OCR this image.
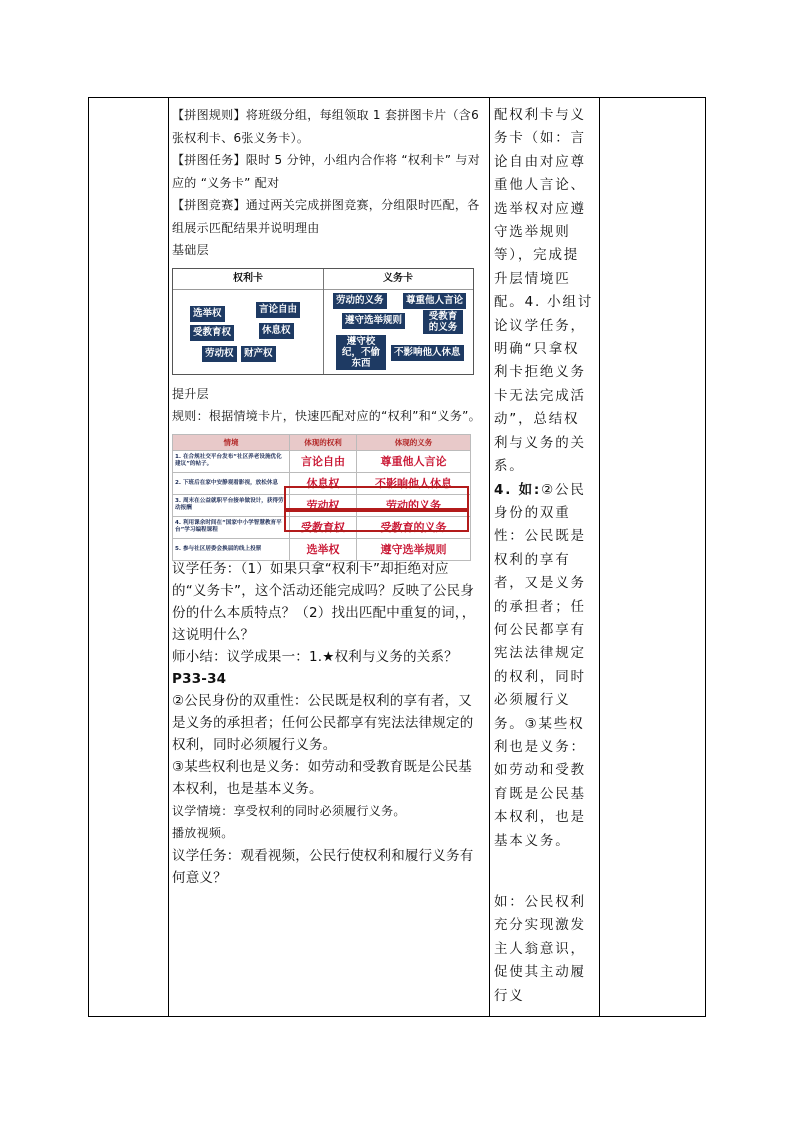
【拼图规则】将班级分组，每组领取 1 套拼图卡片（含6张权利卡、6张义务卡）。

【拼图任务】限时 5 分钟，小组内合作将 “权利卡” 与对应的 “义务卡” 配对

【拼图竞赛】通过两关完成拼图竞赛，分组限时匹配，各组展示匹配结果并说明理由

基础层

权利卡	义务卡
选举权	言论自由
受教育权	休息权
劳动权	财产权
劳动的义务	尊重他人言论
遵守选举规则	受教育的义务
遵守校纪，不偷东西
不影响他人休息

提升层

规则：根据情境卡片，快速匹配对应的“权利”和“义务”。

情境	体现的权利	体现的义务
1. 在合规社交平台发布“社区养老设施优化建议”的帖子。	言论自由	尊重他人言论
2. 下班后在家中安静观看影视，放松休息	休息权	不影响他人休息
3. 周末在公益就职平台接单做设计，获得劳动报酬	劳动权	劳动的义务
4. 利用课余时间在“国家中小学智慧教育平台”学习编程课程	受教育权	受教育的义务
5. 参与社区居委会换届的线上投票	选举权	遵守选举规则

议学任务：（1）如果只拿“权利卡”却拒绝对应的“义务卡”，这个活动还能完成吗？反映了公民身份的什么本质特点？（2）找出匹配中重复的词，，这说明什么？

师小结：议学成果一：1.★权利与义务的关系？

P33-34

②公民身份的双重性：公民既是权利的享有者，又是义务的承担者；任何公民都享有宪法法律规定的权利，同时必须履行义务。

③某些权利也是义务：如劳动和受教育既是公民基本权利，也是基本义务。

议学情境：享受权利的同时必须履行义务。

播放视频。

议学任务：观看视频，公民行使权利和履行义务有何意义？

配权利卡与义务卡（如：言论自由对应尊重他人言论、选举权对应遵守选举规则等），完成提升层情境匹配。4. 小组讨论议学任务，明确“只拿权利卡拒绝义务卡无法完成活动”，总结权利与义务的关系。

4. 如:②公民身份的双重性：公民既是权利的享有者，又是义务的承担者；任何公民都享有宪法法律规定的权利，同时必须履行义务。③某些权利也是义务：如劳动和受教育既是公民基本权利，也是基本义务。

如：公民权利充分实现激发主人翁意识，促使其主动履行义
